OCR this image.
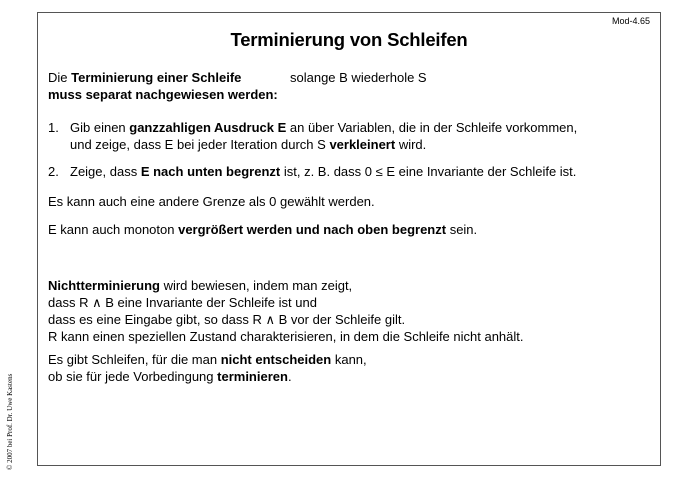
Mod-4.65
Terminierung von Schleifen

Die Terminierung einer Schleife	solange B wiederhole S

muss separat nachgewiesen werden:

1. Gib einen ganzzahligen Ausdruck E an über Variablen, die in der Schleife vorkommen,

und zeige, dass E bei jeder Iteration durch S verkleinert wird.

2. Zeige, dass E nach unten begrenzt ist, z. B. dass 0 ≤ E eine Invariante der Schleife ist.

Es kann auch eine andere Grenze als 0 gewählt werden.

E kann auch monoton vergrößert werden und nach oben begrenzt sein.

Nichtterminierung wird bewiesen, indem man zeigt,

dass R ∧ B eine Invariante der Schleife ist und

dass es eine Eingabe gibt, so dass R ∧ B vor der Schleife gilt.

R kann einen speziellen Zustand charakterisieren, in dem die Schleife nicht anhält.

Es gibt Schleifen, für die man nicht entscheiden kann,

ob sie für jede Vorbedingung terminieren.

© 2007 bei Prof. Dr. Uwe Kastens
